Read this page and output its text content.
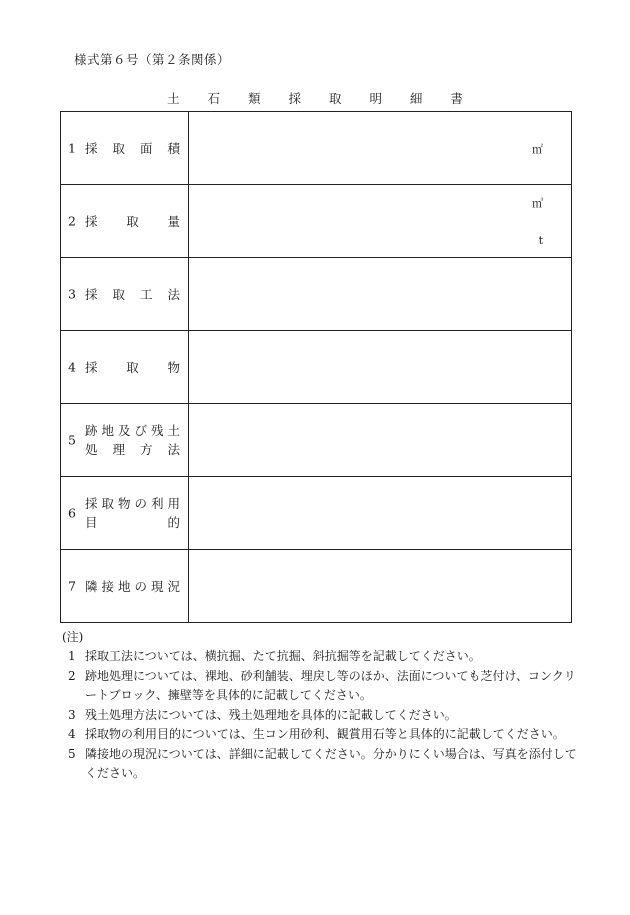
様式第６号（第２条関係）
土 石 類 採 取 明 細 書
1 採 取 面 積	㎡

2 採 取 量	㎥
t

3 採 取 工 法	

4 採 取 物	

5
跡地及び残土
処 理 方 法	

6
採取物の利用
目 的	

7 隣接地の現況	

(注)
1 採取工法については、横抗掘、たて抗掘、斜抗掘等を記載してください。
2 跡地処理については、裸地、砂利舗装、埋戻し等のほか、法面についても芝付け、コンクリートブロック、擁壁等を具体的に記載してください。
3 残土処理方法については、残土処理地を具体的に記載してください。
4 採取物の利用目的については、生コン用砂利、観賞用石等と具体的に記載してください。
5 隣接地の現況については、詳細に記載してください。分かりにくい場合は、写真を添付してください。
